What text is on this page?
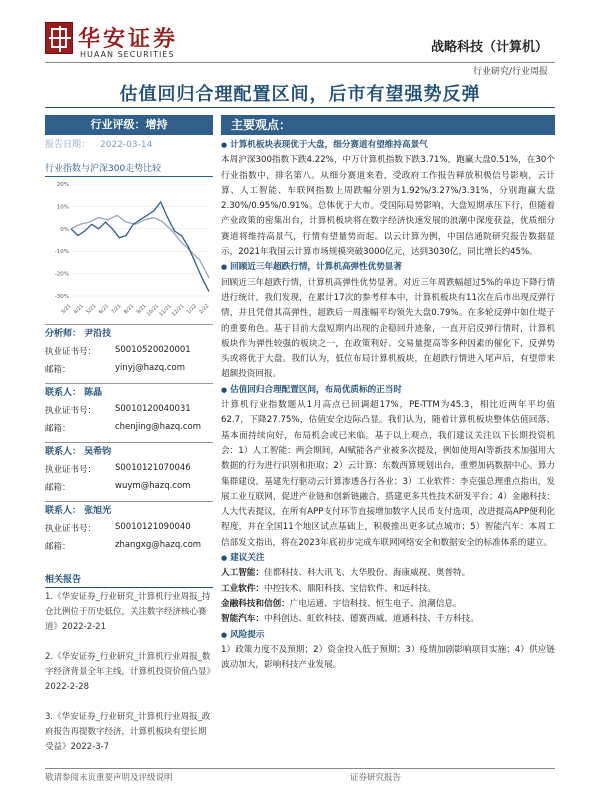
华安证券
HUAAN SECURITIES	战略科技（计算机）
行业研究/行业周报
估值回归合理配置区间，后市有望强势反弹
行业评级：增持
报告日期： 2022-03-14
行业指数与沪深300走势比较
20%
10%
0%
-10%
-20%
-30%
3/21 4/21 5/21 6/21 7/21 8/21 9/21
10/21
11/21
12/21 1/22 2/22
分析师： 尹沿技
执业证书号： S0010520020001
邮箱：	yinyj@hazq.com
联系人： 陈晶
执业证书号： S0010120040031
邮箱：	chenjing@hazq.com
联系人： 吴希钧
执业证书号： S0010121070046
邮箱：	wuym@hazq.com
联系人： 张旭光
执业证书号： S0010121090040
邮箱：	zhangxg@hazq.com
相关报告
1.《华安证券_行业研究_计算机行业周报_持仓比例位于历史低位，关注数字经济核心赛道》2022-2-21
2.《华安证券_行业研究_计算机行业周报_数字经济背景全年主线，计算机投资价值凸显》2022-2-28
3.《华安证券_行业研究_计算机行业周报_政府报告再提数字经济，计算机板块有望长期受益》2022-3-7
主要观点：
● 计算机板块表现优于大盘，细分赛道有望维持高景气

本周沪深300指数下跌4.22%，中万计算机指数下跌3.71%，跑赢大盘0.51%，在30个行业指数中，排名第八。从细分赛道来看，受政府工作报告释放积极信号影响，云计算、人工智能、车联网指数上周跌幅分别为1.92%/3.27%/3.31%，分别跑赢大盘2.30%/0.95%/0.91%。总体优于大市。受国际局势影响，大盘短期承压下行，但随着产业政策的密集出台，计算机板块将在数字经济快速发展的浪潮中深度获益，优质细分赛道将维持高景气，行情有望量势而起。以云计算为例，中国信通院研究报告数据显示，2021年我国云计算市场规模突破3000亿元，达到3030亿，同比增长约45%。

● 回顾近三年超跌行情，计算机高弹性优势显著

回顾近三年超跌行情，计算机高弹性优势显著。对近三年周跌幅超过5%的单边下降行情进行统计，我们发现，在累计17次的参考样本中，计算机板块有11次在后市出现反弹行情，并且凭借其高弹性，超跌后一周涨幅平均领先大盘0.79%。在多轮反弹中如仕堤子的重要角色。基于目前大盘短期内出现的企稳回升迹象，一直开启反弹行情时，计算机板块作为弹性较强的板块之一，在政策利好、交易量提高等多种因素的催化下，反弹势头或将优于大盘。我们认为，低位布局计算机板块，在超跌行情进入尾声后，有望带来超额投资回报。

● 估值回归合理配置区间，布局优质标的正当时

计算机行业指数题从1月高点已回调超17%，PE-TTM为45.3，相比近两年平均值62.7，下降27.75%，估值安全边际凸显。我们认为，随着计算机板块整体估值回落、基本面持续向好，布局机会或已来临。基于以上观点，我们建议关注以下长期投资机会：1）人工智能：两会期间，AI赋能各产业被多次提及，例如使用AI等新技术加强用大数据的行为进行识别和拒取；2）云计算：东数西算规划出台，重塑加码数据中心。算力集群建设，基建先行驱动云计算渗透各行各业；3）工业软件：李克强总理重点指出，发展工业互联网，促进产业链和创新链融合，搭建更多共性技术研发平台；4）金融科技：人大代表提议，在所有APP支付环节直接增加数字人民币支付选项，改进提高APP便利化程度，并在全国11个地区试点基础上，积极推出更多试点城市；5）智能汽车：本周工信部发文指出，将在2023年底初步完成车联网网络安全和数据安全的标准体系的建立。

● 建议关注
人工智能：佳都科技、科大讯飞、大华股份、海康威视、奥普特。
工业软件：中控技术、鼎阳科技、宝信软件、和远科技。
金融科技和信创：广电运通、宇信科技、恒生电子、浪潮信息。
智能汽车：中科创达、虹软科技、德赛西威、道通科技、千方科技。
● 风险提示

1）政策力度不及预期；2）资金投入低于预期；3）疫情加剧影响项目实施；4）供应链波动加大，影响科技产业发展。

敬请参阅末页重要声明及评级说明	证券研究报告
